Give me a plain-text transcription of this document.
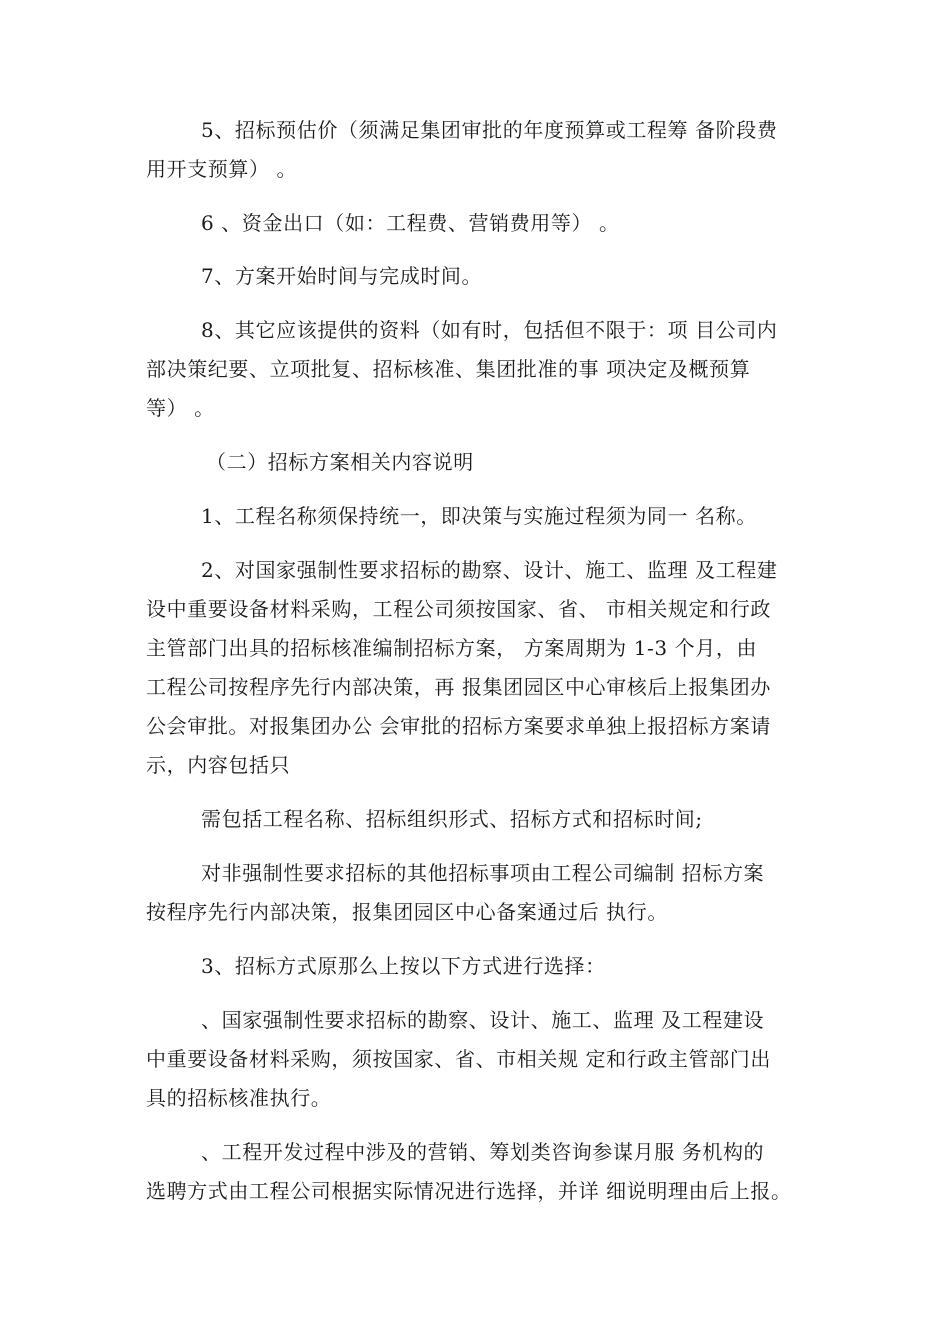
5、招标预估价（须满足集团审批的年度预算或工程筹 备阶段费
用开支预算） 。
6 、资金出口（如：工程费、营销费用等） 。
7、方案开始时间与完成时间。
8、其它应该提供的资料（如有时，包括但不限于：项 目公司内
部决策纪要、立项批复、招标核准、集团批准的事 项决定及概预算
等） 。
（二）招标方案相关内容说明
1、工程名称须保持统一，即决策与实施过程须为同一 名称。
2、对国家强制性要求招标的勘察、设计、施工、监理 及工程建
设中重要设备材料采购，工程公司须按国家、省、 市相关规定和行政
主管部门出具的招标核准编制招标方案， 方案周期为 1-3 个月，由
工程公司按程序先行内部决策，再 报集团园区中心审核后上报集团办
公会审批。对报集团办公 会审批的招标方案要求单独上报招标方案请
示，内容包括只
需包括工程名称、招标组织形式、招标方式和招标时间;
对非强制性要求招标的其他招标事项由工程公司编制 招标方案
按程序先行内部决策，报集团园区中心备案通过后 执行。
3、招标方式原那么上按以下方式进行选择：
、国家强制性要求招标的勘察、设计、施工、监理 及工程建设
中重要设备材料采购，须按国家、省、市相关规 定和行政主管部门出
具的招标核准执行。
、工程开发过程中涉及的营销、筹划类咨询参谋月服 务机构的
选聘方式由工程公司根据实际情况进行选择，并详 细说明理由后上报。
